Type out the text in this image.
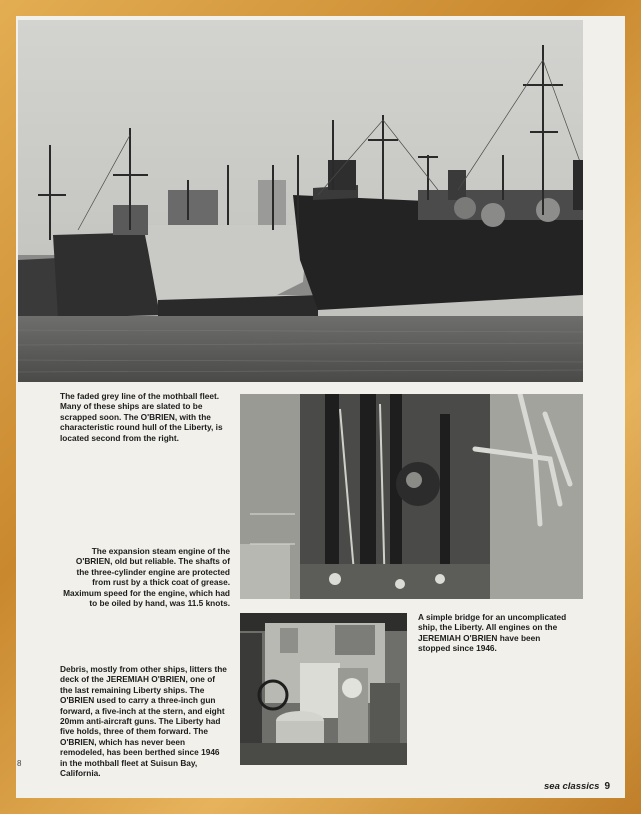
The faded grey line of the mothball fleet. Many of these ships are slated to be scrapped soon. The O'BRIEN, with the characteristic round hull of the Liberty, is located second from the right.

The expansion steam engine of the O'BRIEN, old but reliable. The shafts of the three-cylinder engine are protected from rust by a thick coat of grease. Maximum speed for the engine, which had to be oiled by hand, was 11.5 knots.

A simple bridge for an uncomplicated ship, the Liberty. All engines on the JEREMIAH O'BRIEN have been stopped since 1946.

Debris, mostly from other ships, litters the deck of the JEREMIAH O'BRIEN, one of the last remaining Liberty ships. The O'BRIEN used to carry a three-inch gun forward, a five-inch at the stern, and eight 20mm anti-aircraft guns. The Liberty had five holds, three of them forward. The O'BRIEN, which has never been remodeled, has been berthed since 1946 in the mothball fleet at Suisun Bay, California.

8
sea classics 9
